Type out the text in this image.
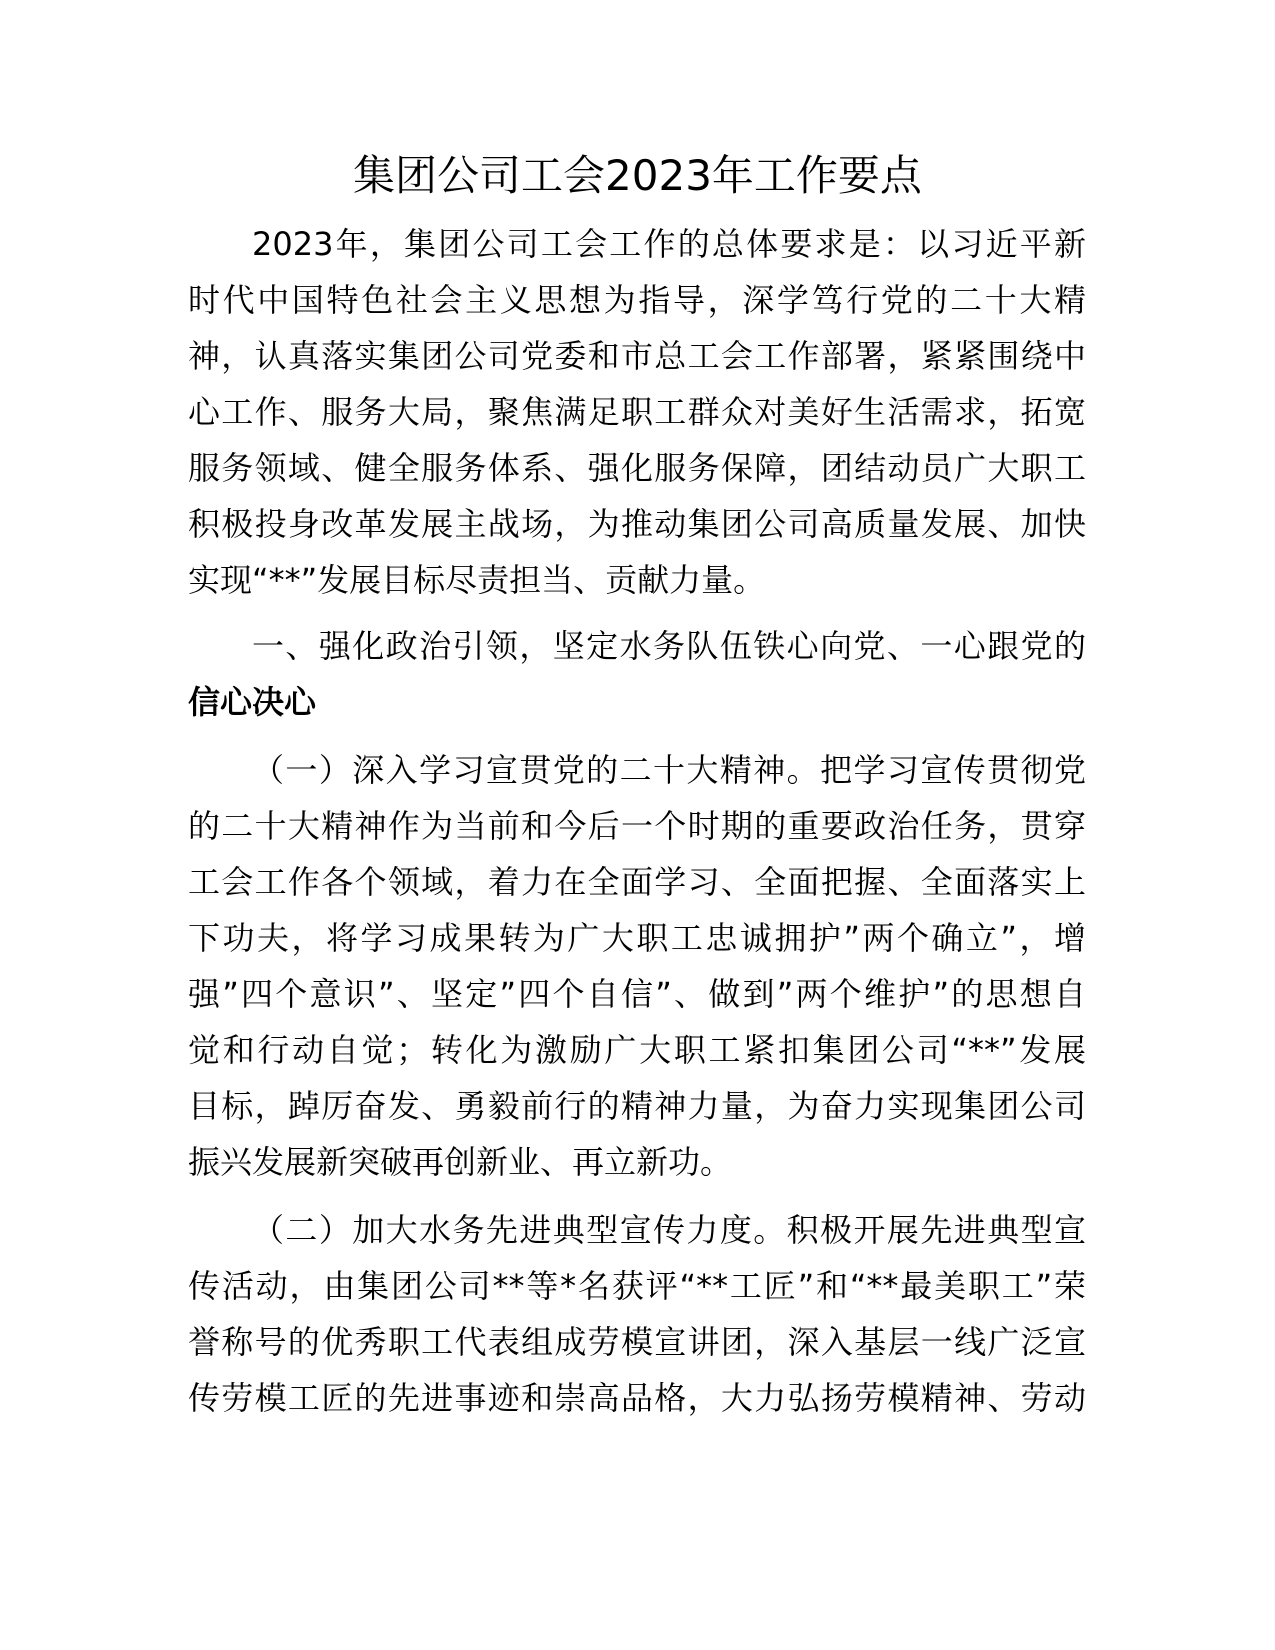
集团公司工会2023年工作要点

2023年，集团公司工会工作的总体要求是：以习近平新

时代中国特色社会主义思想为指导，深学笃行党的二十大精

神，认真落实集团公司党委和市总工会工作部署，紧紧围绕中

心工作、服务大局，聚焦满足职工群众对美好生活需求，拓宽

服务领域、健全服务体系、强化服务保障，团结动员广大职工

积极投身改革发展主战场，为推动集团公司高质量发展、加快

实现“**”发展目标尽责担当、贡献力量。

一、强化政治引领，坚定水务队伍铁心向党、一心跟党的

信心决心

（一）深入学习宣贯党的二十大精神。把学习宣传贯彻党

的二十大精神作为当前和今后一个时期的重要政治任务，贯穿

工会工作各个领域，着力在全面学习、全面把握、全面落实上

下功夫，将学习成果转为广大职工忠诚拥护”两个确立”，增

强”四个意识”、坚定”四个自信”、做到”两个维护”的思想自

觉和行动自觉；转化为激励广大职工紧扣集团公司“**”发展

目标，踔厉奋发、勇毅前行的精神力量，为奋力实现集团公司

振兴发展新突破再创新业、再立新功。

（二）加大水务先进典型宣传力度。积极开展先进典型宣

传活动，由集团公司**等*名获评“**工匠”和“**最美职工”荣

誉称号的优秀职工代表组成劳模宣讲团，深入基层一线广泛宣

传劳模工匠的先进事迹和崇高品格，大力弘扬劳模精神、劳动
